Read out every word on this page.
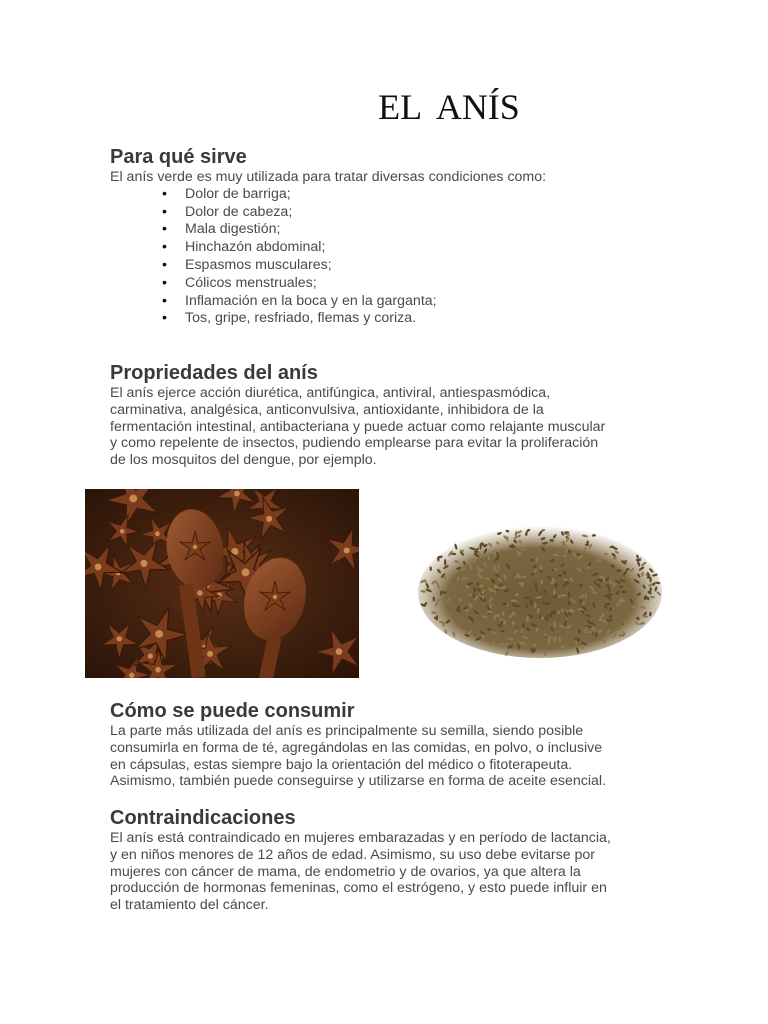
EL ANÍS
Para qué sirve

El anís verde es muy utilizada para tratar diversas condiciones como:

• Dolor de barriga;
• Dolor de cabeza;
• Mala digestión;
• Hinchazón abdominal;
• Espasmos musculares;
• Cólicos menstruales;
• Inflamación en la boca y en la garganta;
• Tos, gripe, resfriado, flemas y coriza.
Propriedades del anís

El anís ejerce acción diurética, antifúngica, antiviral, antiespasmódica,

carminativa, analgésica, anticonvulsiva, antioxidante, inhibidora de la

fermentación intestinal, antibacteriana y puede actuar como relajante muscular

y como repelente de insectos, pudiendo emplearse para evitar la proliferación

de los mosquitos del dengue, por ejemplo.

Cómo se puede consumir

La parte más utilizada del anís es principalmente su semilla, siendo posible

consumirla en forma de té, agregándolas en las comidas, en polvo, o inclusive

en cápsulas, estas siempre bajo la orientación del médico o fitoterapeuta.

Asimismo, también puede conseguirse y utilizarse en forma de aceite esencial.

Contraindicaciones

El anís está contraindicado en mujeres embarazadas y en período de lactancia,

y en niños menores de 12 años de edad. Asimismo, su uso debe evitarse por

mujeres con cáncer de mama, de endometrio y de ovarios, ya que altera la

producción de hormonas femeninas, como el estrógeno, y esto puede influir en

el tratamiento del cáncer.
